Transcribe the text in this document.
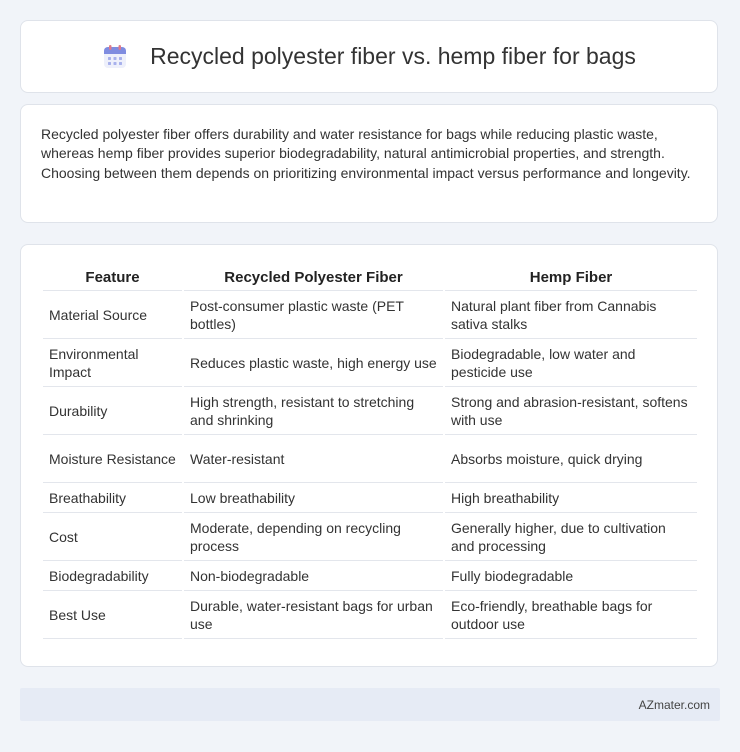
Recycled polyester fiber vs. hemp fiber for bags

Recycled polyester fiber offers durability and water resistance for bags while reducing plastic waste, whereas hemp fiber provides superior biodegradability, natural antimicrobial properties, and strength. Choosing between them depends on prioritizing environmental impact versus performance and longevity.

Feature	Recycled Polyester Fiber	Hemp Fiber
Material Source	Post-consumer plastic waste (PET bottles)	Natural plant fiber from Cannabis sativa stalks
Environmental Impact	Reduces plastic waste, high energy use	Biodegradable, low water and pesticide use
Durability	High strength, resistant to stretching and shrinking	Strong and abrasion-resistant, softens with use
Moisture Resistance	Water-resistant	Absorbs moisture, quick drying
Breathability	Low breathability	High breathability
Cost	Moderate, depending on recycling process	Generally higher, due to cultivation and processing
Biodegradability	Non-biodegradable	Fully biodegradable
Best Use	Durable, water-resistant bags for urban use	Eco-friendly, breathable bags for outdoor use
AZmater.com
